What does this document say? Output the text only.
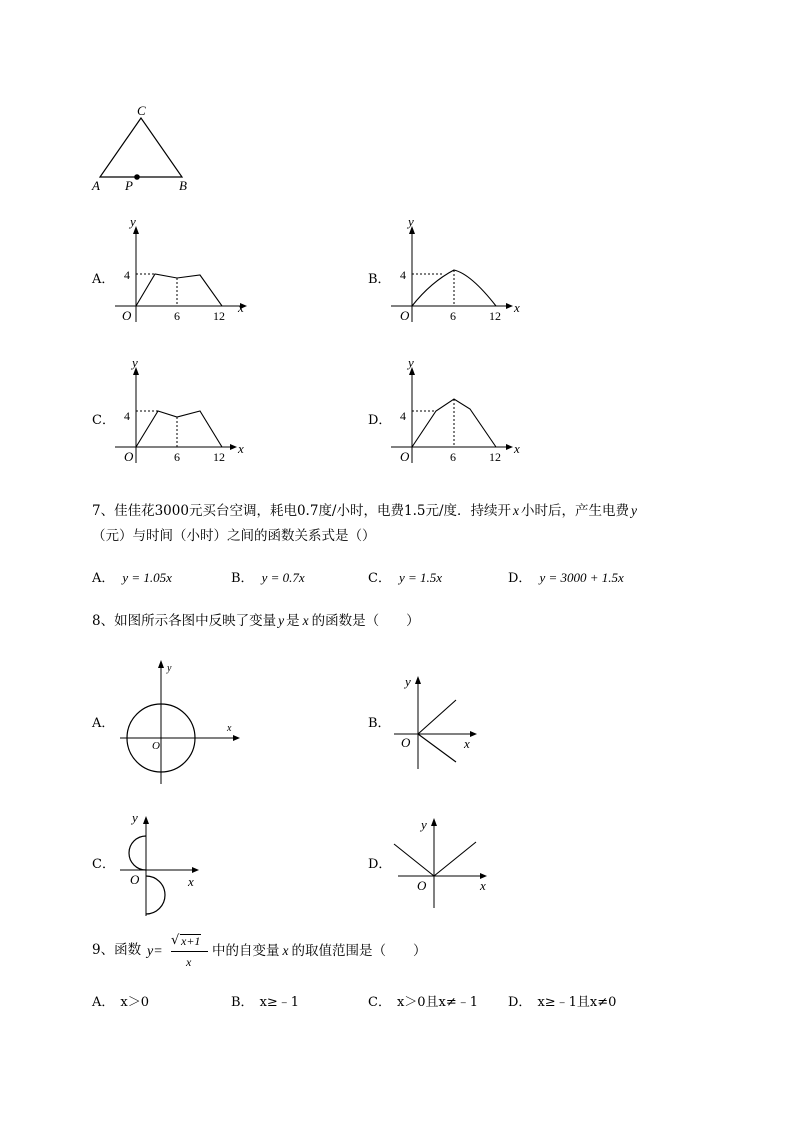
C
A P	B
A．
y
x
O
4
6	12
B．
y
x
O
4
6	12
C．
y
x
O
4
6	12
D．
y
x
O
4
6	12
7、佳佳花3000元买台空调，耗电0.7度/小时，电费1.5元/度．持续开 x 小时后，产生电费 y
（元）与时间（小时）之间的函数关系式是（）
A． y = 1.05x	B． y = 0.7x	C． y = 1.5x	D． y = 3000 + 1.5x
8、如图所示各图中反映了变量 y 是 x 的函数是（　　）
A．
y
x
O
B．
y
x
O
C．
y
x
O
D．
y
x
O
9、函数 y=
√ x+1
x
中的自变量 x 的取值范围是（　　）
A． x＞0	B． x≥﹣1	C． x＞0且x≠﹣1 D． x≥﹣1且x≠0
